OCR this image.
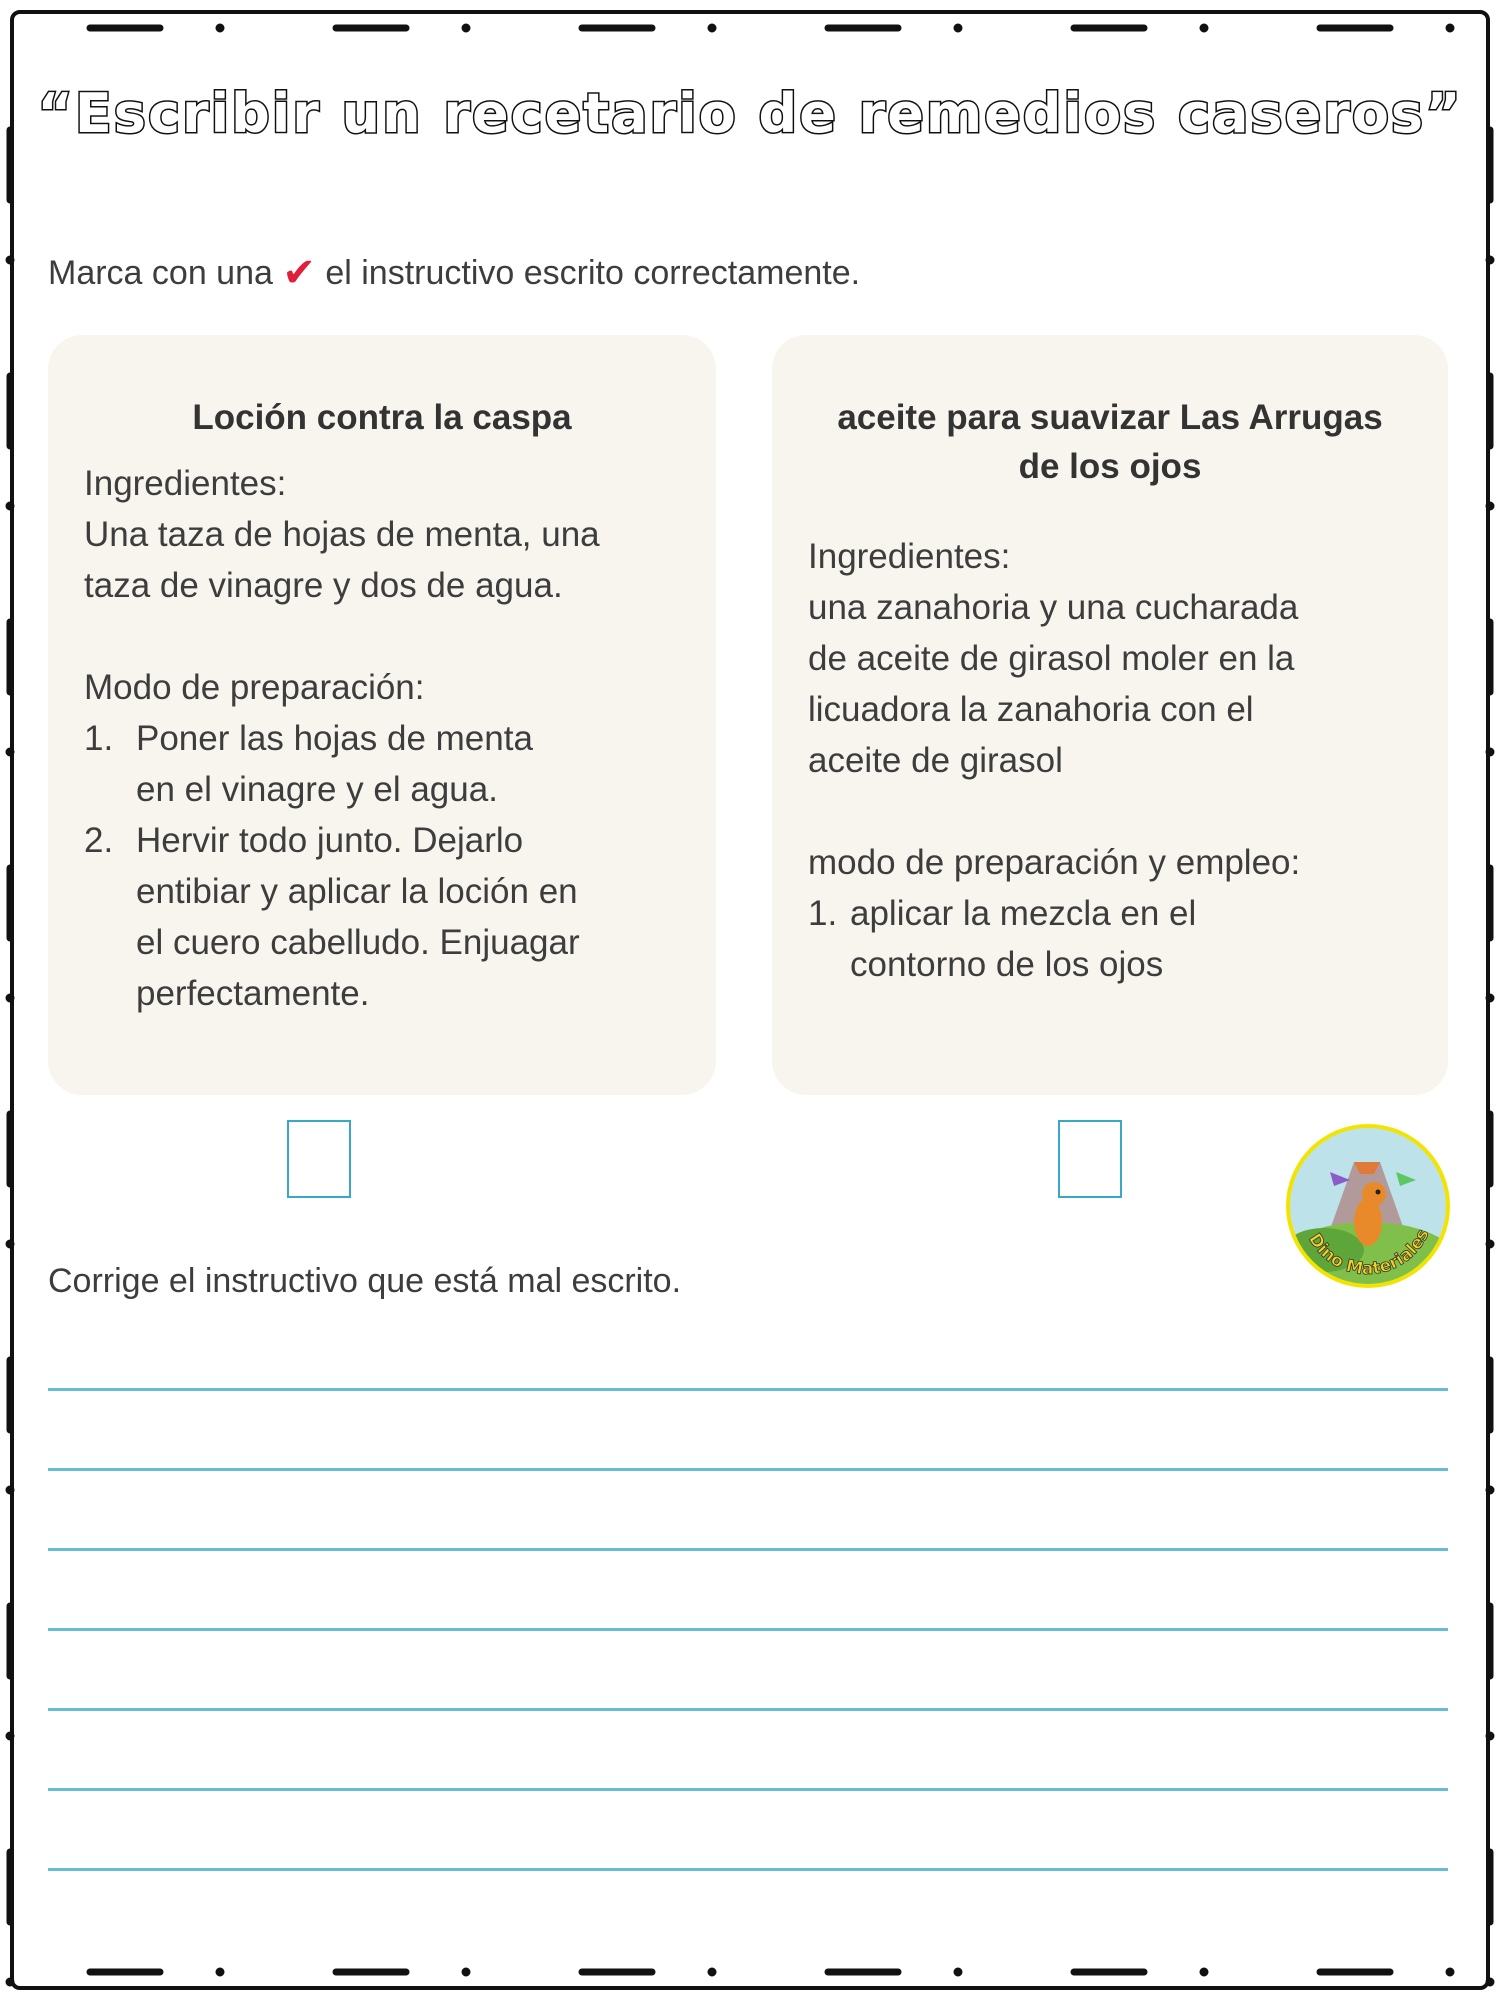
“Escribir un recetario de remedios caseros”
Marca con una ✔ el instructivo escrito correctamente.
Loción contra la caspa

Ingredientes:

Una taza de hojas de menta, una

taza de vinagre y dos de agua.

Modo de preparación:

1. Poner las hojas de menta

en el vinagre y el agua.

2. Hervir todo junto. Dejarlo

entibiar y aplicar la loción en

el cuero cabelludo. Enjuagar

perfectamente.

aceite para suavizar Las Arrugas
de los ojos

Ingredientes:

una zanahoria y una cucharada

de aceite de girasol moler en la

licuadora la zanahoria con el

aceite de girasol

modo de preparación y empleo:

1. aplicar la mezcla en el

contorno de los ojos

Dino Materiales
Corrige el instructivo que está mal escrito.
